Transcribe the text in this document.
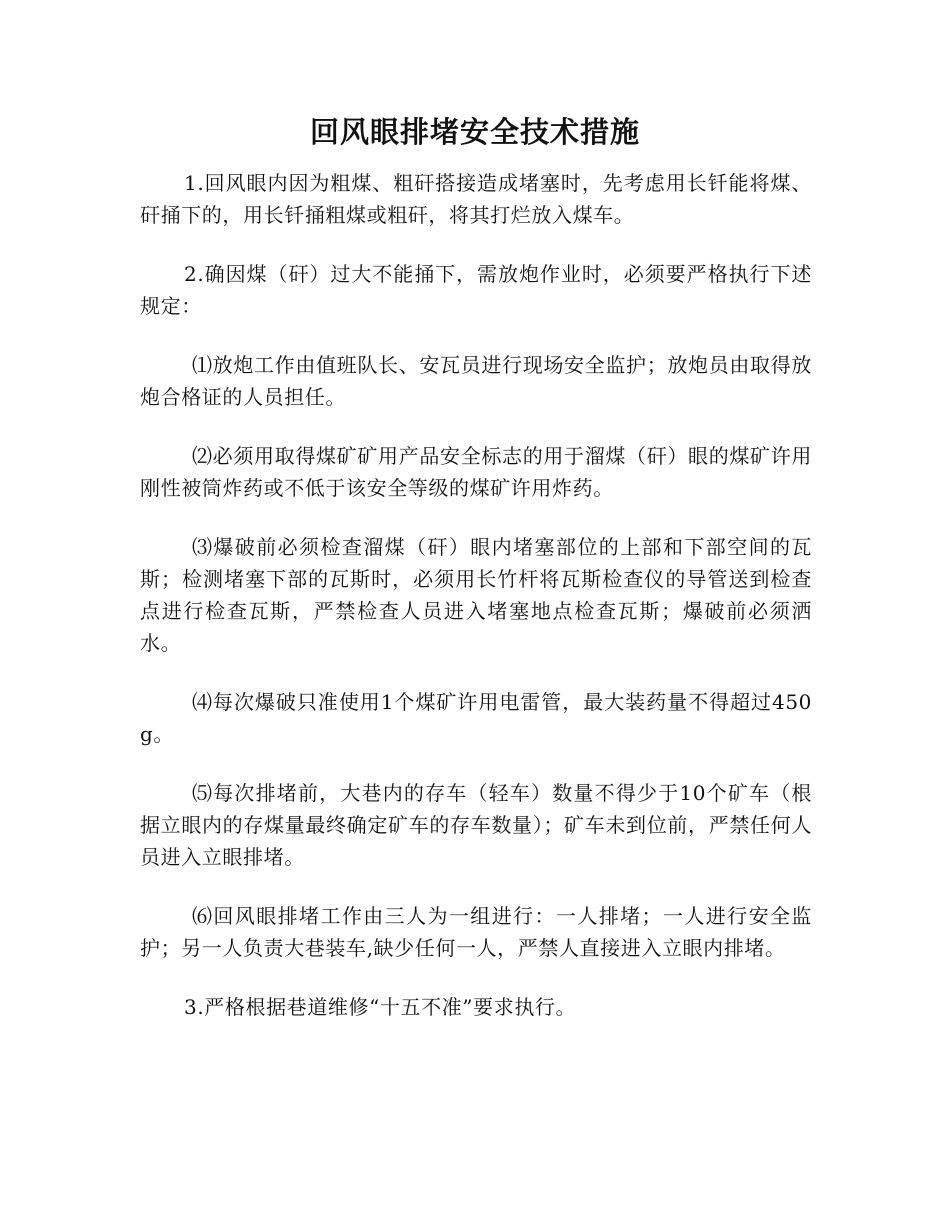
回风眼排堵安全技术措施

1.回风眼内因为粗煤、粗矸搭接造成堵塞时，先考虑用长钎能将煤、矸捅下的，用长钎捅粗煤或粗矸，将其打烂放入煤车。

2.确因煤（矸）过大不能捅下，需放炮作业时，必须要严格执行下述规定：

⑴放炮工作由值班队长、安瓦员进行现场安全监护；放炮员由取得放炮合格证的人员担任。

⑵必须用取得煤矿矿用产品安全标志的用于溜煤（矸）眼的煤矿许用刚性被筒炸药或不低于该安全等级的煤矿许用炸药。

⑶爆破前必须检查溜煤（矸）眼内堵塞部位的上部和下部空间的瓦斯；检测堵塞下部的瓦斯时，必须用长竹杆将瓦斯检查仪的导管送到检查点进行检查瓦斯，严禁检查人员进入堵塞地点检查瓦斯；爆破前必须洒水。

⑷每次爆破只准使用1个煤矿许用电雷管，最大装药量不得超过450g。

⑸每次排堵前，大巷内的存车（轻车）数量不得少于10个矿车（根据立眼内的存煤量最终确定矿车的存车数量）；矿车未到位前，严禁任何人员进入立眼排堵。

⑹回风眼排堵工作由三人为一组进行：一人排堵；一人进行安全监护；另一人负责大巷装车,缺少任何一人，严禁人直接进入立眼内排堵。

3.严格根据巷道维修“十五不准”要求执行。
